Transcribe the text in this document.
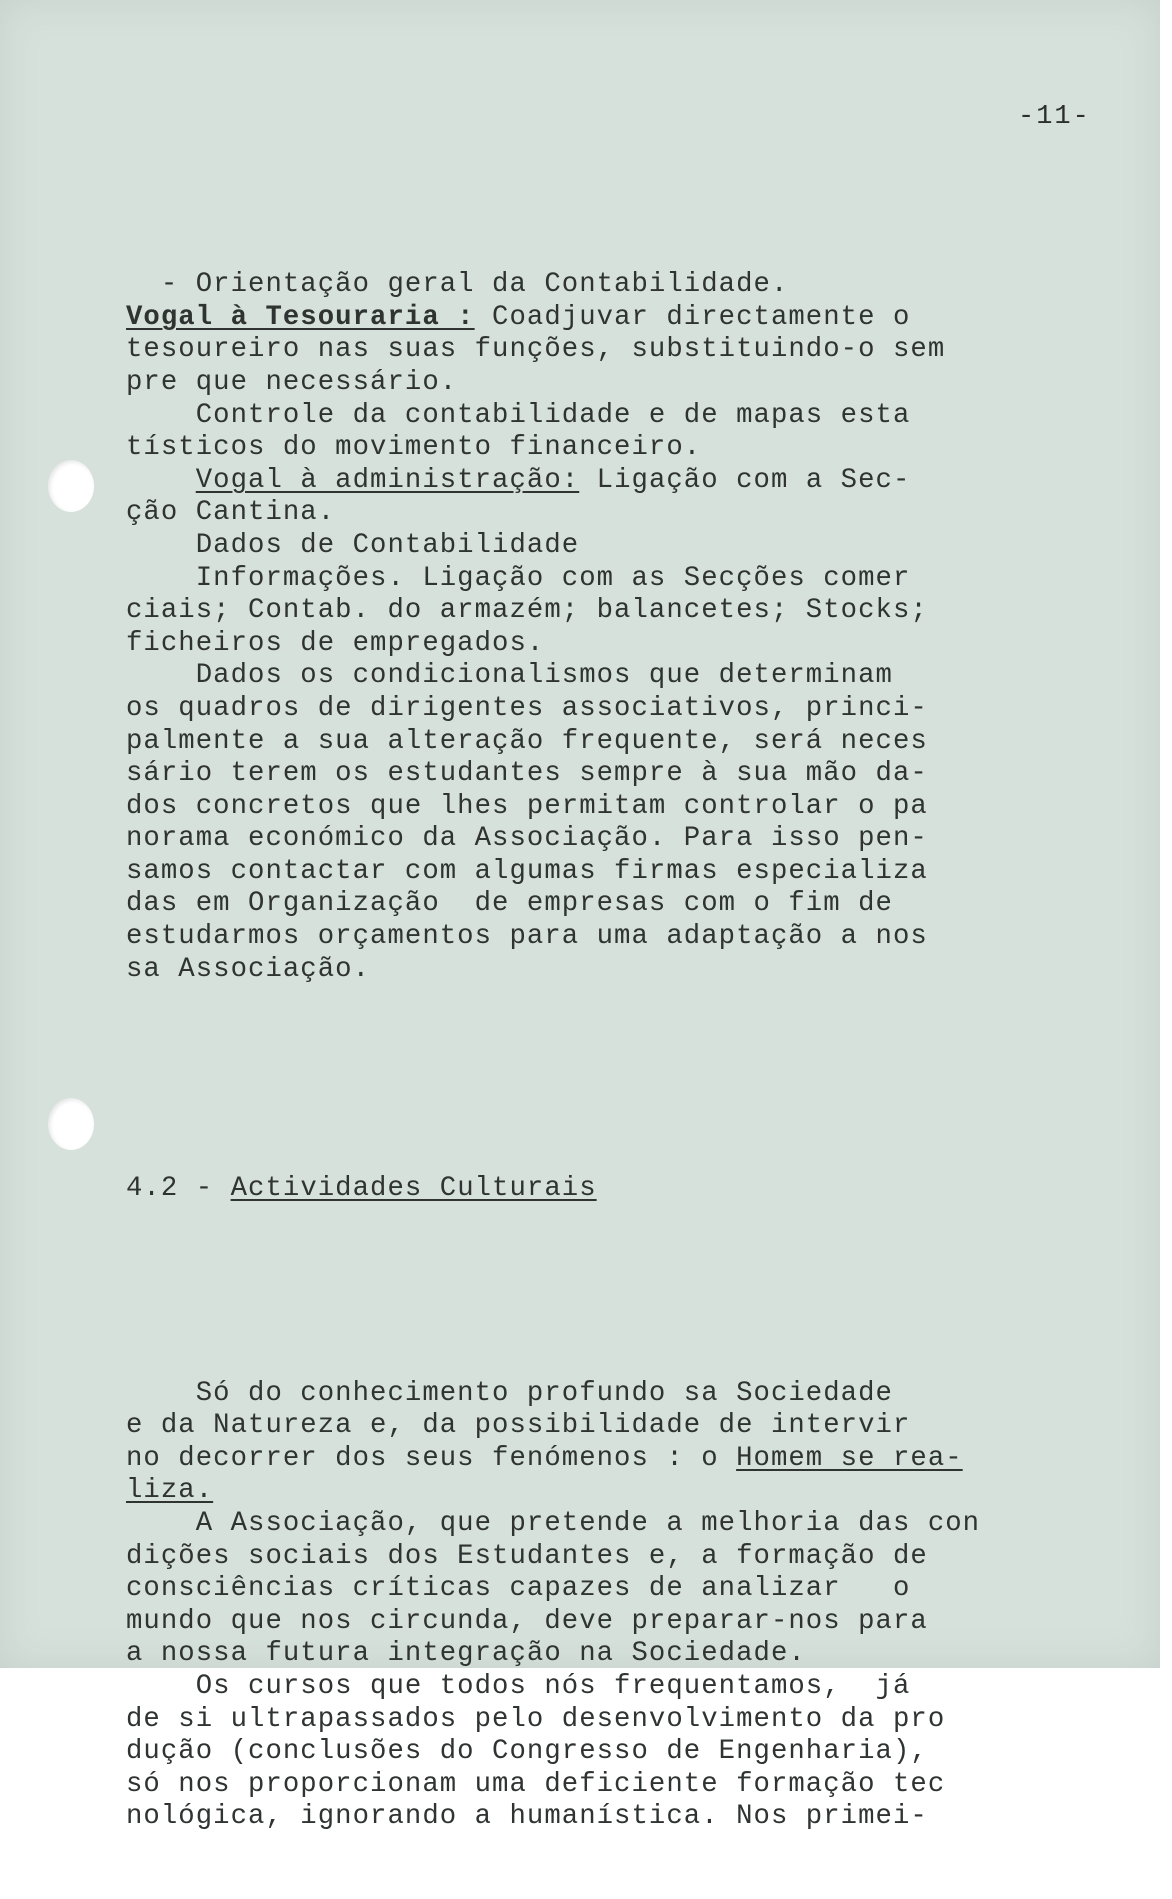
-11-

- Orientação geral da Contabilidade.
Vogal à Tesouraria : Coadjuvar directamente o
tesoureiro nas suas funções, substituindo-o sem
pre que necessário.
Controle da contabilidade e de mapas esta
tísticos do movimento financeiro.
Vogal à administração: Ligação com a Sec-
ção Cantina.
Dados de Contabilidade
Informações. Ligação com as Secções comer
ciais; Contab. do armazém; balancetes; Stocks;
ficheiros de empregados.
Dados os condicionalismos que determinam
os quadros de dirigentes associativos, princi-
palmente a sua alteração frequente, será neces
sário terem os estudantes sempre à sua mão da-
dos concretos que lhes permitam controlar o pa
norama económico da Associação. Para isso pen-
samos contactar com algumas firmas especializa
das em Organização  de empresas com o fim de
estudarmos orçamentos para uma adaptação a nos
sa Associação.

4.2 - Actividades Culturais

Só do conhecimento profundo sa Sociedade
e da Natureza e, da possibilidade de intervir
no decorrer dos seus fenómenos : o Homem se rea-
liza.
A Associação, que pretende a melhoria das con
dições sociais dos Estudantes e, a formação de
consciências críticas capazes de analizar   o
mundo que nos circunda, deve preparar-nos para
a nossa futura integração na Sociedade.
Os cursos que todos nós frequentamos,  já
de si ultrapassados pelo desenvolvimento da pro
dução (conclusões do Congresso de Engenharia),
só nos proporcionam uma deficiente formação tec
nológica, ignorando a humanística. Nos primei-
